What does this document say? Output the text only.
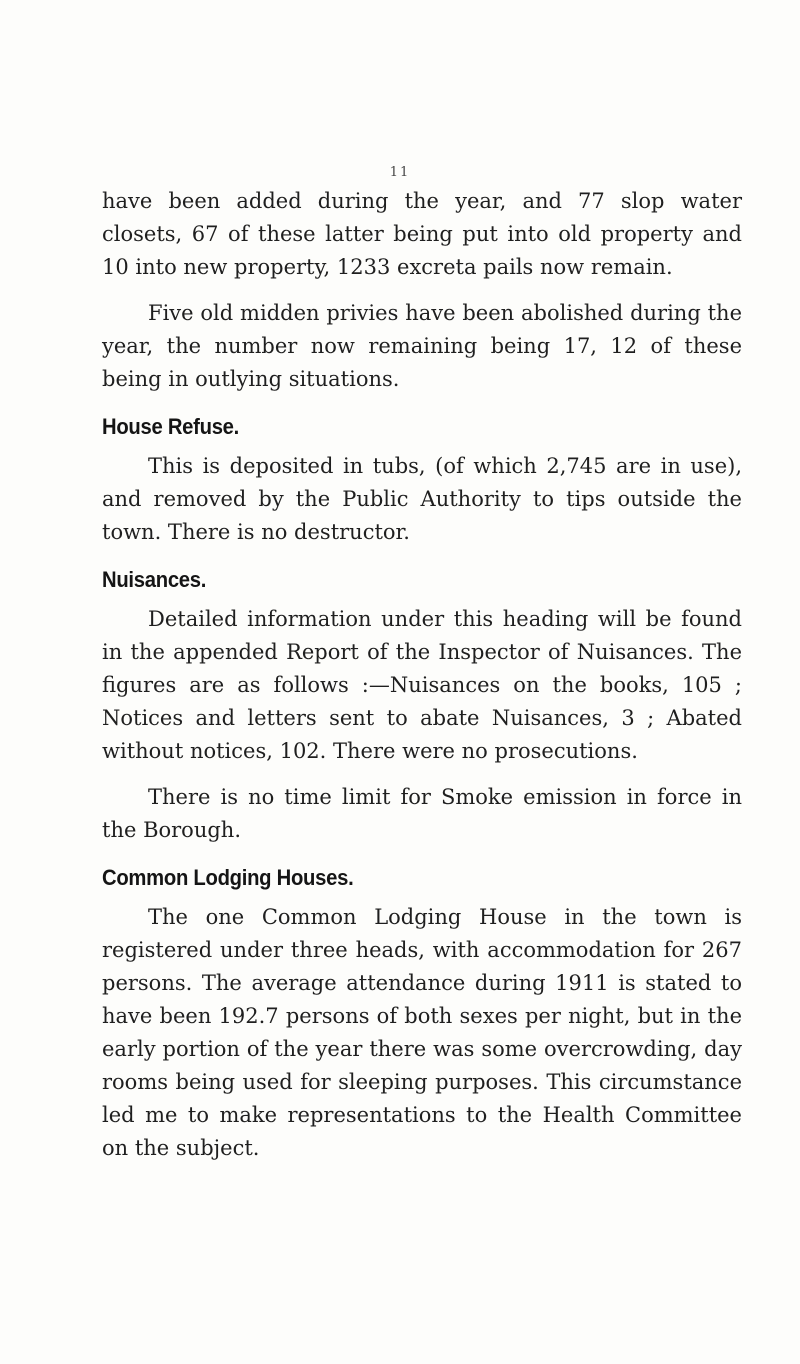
11

have been added during the year, and 77 slop water closets, 67 of these latter being put into old property and 10 into new property, 1233 excreta pails now remain.

Five old midden privies have been abolished during the year, the number now remaining being 17, 12 of these being in outlying situations.

House Refuse.

This is deposited in tubs, (of which 2,745 are in use), and removed by the Public Authority to tips outside the town. There is no destructor.

Nuisances.

Detailed information under this heading will be found in the appended Report of the Inspector of Nuisances. The figures are as follows :—Nuisances on the books, 105 ; Notices and letters sent to abate Nuisances, 3 ; Abated without notices, 102. There were no prosecutions.

There is no time limit for Smoke emission in force in the Borough.

Common Lodging Houses.

The one Common Lodging House in the town is registered under three heads, with accommodation for 267 persons. The average attendance during 1911 is stated to have been 192.7 persons of both sexes per night, but in the early portion of the year there was some overcrowding, day rooms being used for sleeping purposes. This circumstance led me to make representations to the Health Committee on the subject.
